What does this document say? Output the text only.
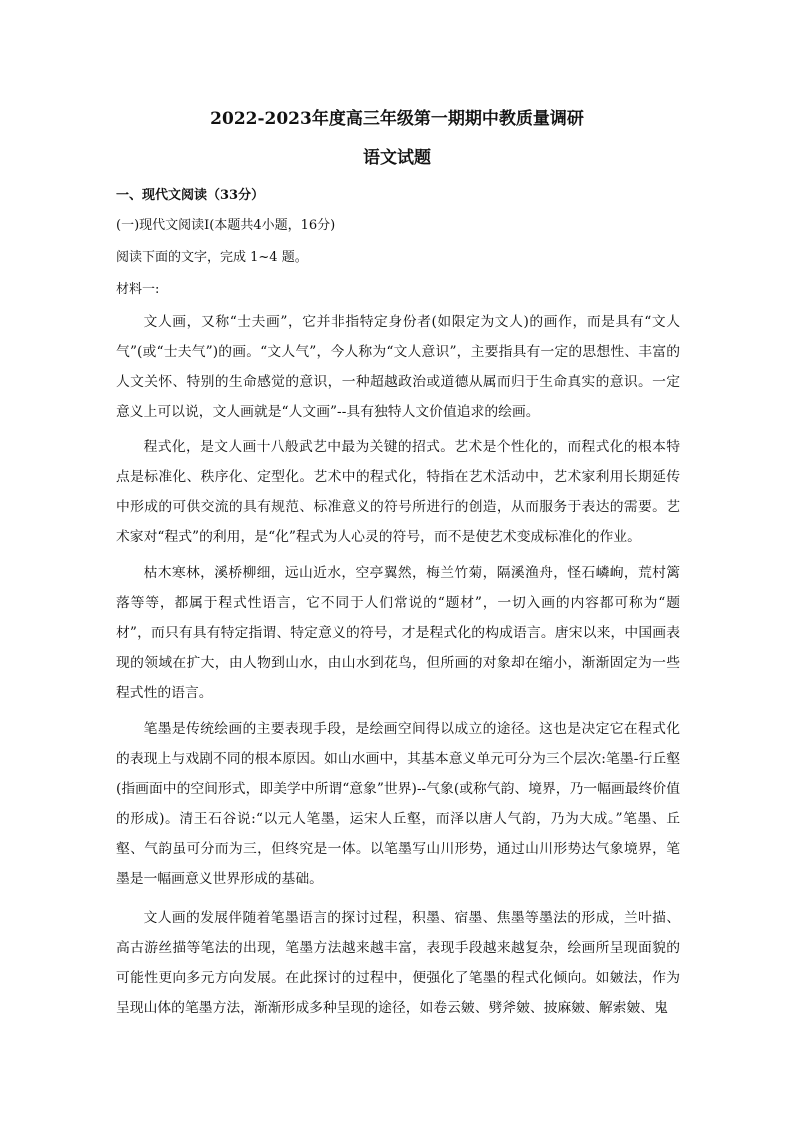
2022-2023年度高三年级第一期期中教质量调研
语文试题

一、现代文阅读（33分）

(一)现代文阅读Ⅰ(本题共4小题，16分)

阅读下面的文字，完成 1~4 题。

材料一:

文人画，又称“士夫画”，它并非指特定身份者(如限定为文人)的画作，而是具有“文人气”(或“士夫气”)的画。“文人气”，今人称为“文人意识”，主要指具有一定的思想性、丰富的人文关怀、特别的生命感觉的意识，一种超越政治或道德从属而归于生命真实的意识。一定意义上可以说，文人画就是“人文画”--具有独特人文价值追求的绘画。

程式化，是文人画十八般武艺中最为关键的招式。艺术是个性化的，而程式化的根本特点是标准化、秩序化、定型化。艺术中的程式化，特指在艺术活动中，艺术家利用长期延传中形成的可供交流的具有规范、标准意义的符号所进行的创造，从而服务于表达的需要。艺术家对“程式”的利用，是“化”程式为人心灵的符号，而不是使艺术变成标准化的作业。

枯木寒林，溪桥柳细，远山近水，空亭翼然，梅兰竹菊，隔溪渔舟，怪石嶙峋，荒村篱落等等，都属于程式性语言，它不同于人们常说的“题材”，一切入画的内容都可称为“题材”，而只有具有特定指谓、特定意义的符号，才是程式化的构成语言。唐宋以来，中国画表现的领域在扩大，由人物到山水，由山水到花鸟，但所画的对象却在缩小，渐渐固定为一些程式性的语言。

笔墨是传统绘画的主要表现手段，是绘画空间得以成立的途径。这也是决定它在程式化的表现上与戏剧不同的根本原因。如山水画中，其基本意义单元可分为三个层次:笔墨-行丘壑(指画面中的空间形式，即美学中所谓“意象”世界)--气象(或称气韵、境界，乃一幅画最终价值的形成)。清王石谷说:“以元人笔墨，运宋人丘壑，而泽以唐人气韵，乃为大成。”笔墨、丘壑、气韵虽可分而为三，但终究是一体。以笔墨写山川形势，通过山川形势达气象境界，笔墨是一幅画意义世界形成的基础。

文人画的发展伴随着笔墨语言的探讨过程，积墨、宿墨、焦墨等墨法的形成，兰叶描、高古游丝描等笔法的出现，笔墨方法越来越丰富，表现手段越来越复杂，绘画所呈现面貌的可能性更向多元方向发展。在此探讨的过程中，便强化了笔墨的程式化倾向。如皴法，作为呈现山体的笔墨方法，渐渐形成多种呈现的途径，如卷云皴、劈斧皴、披麻皴、解索皴、鬼
